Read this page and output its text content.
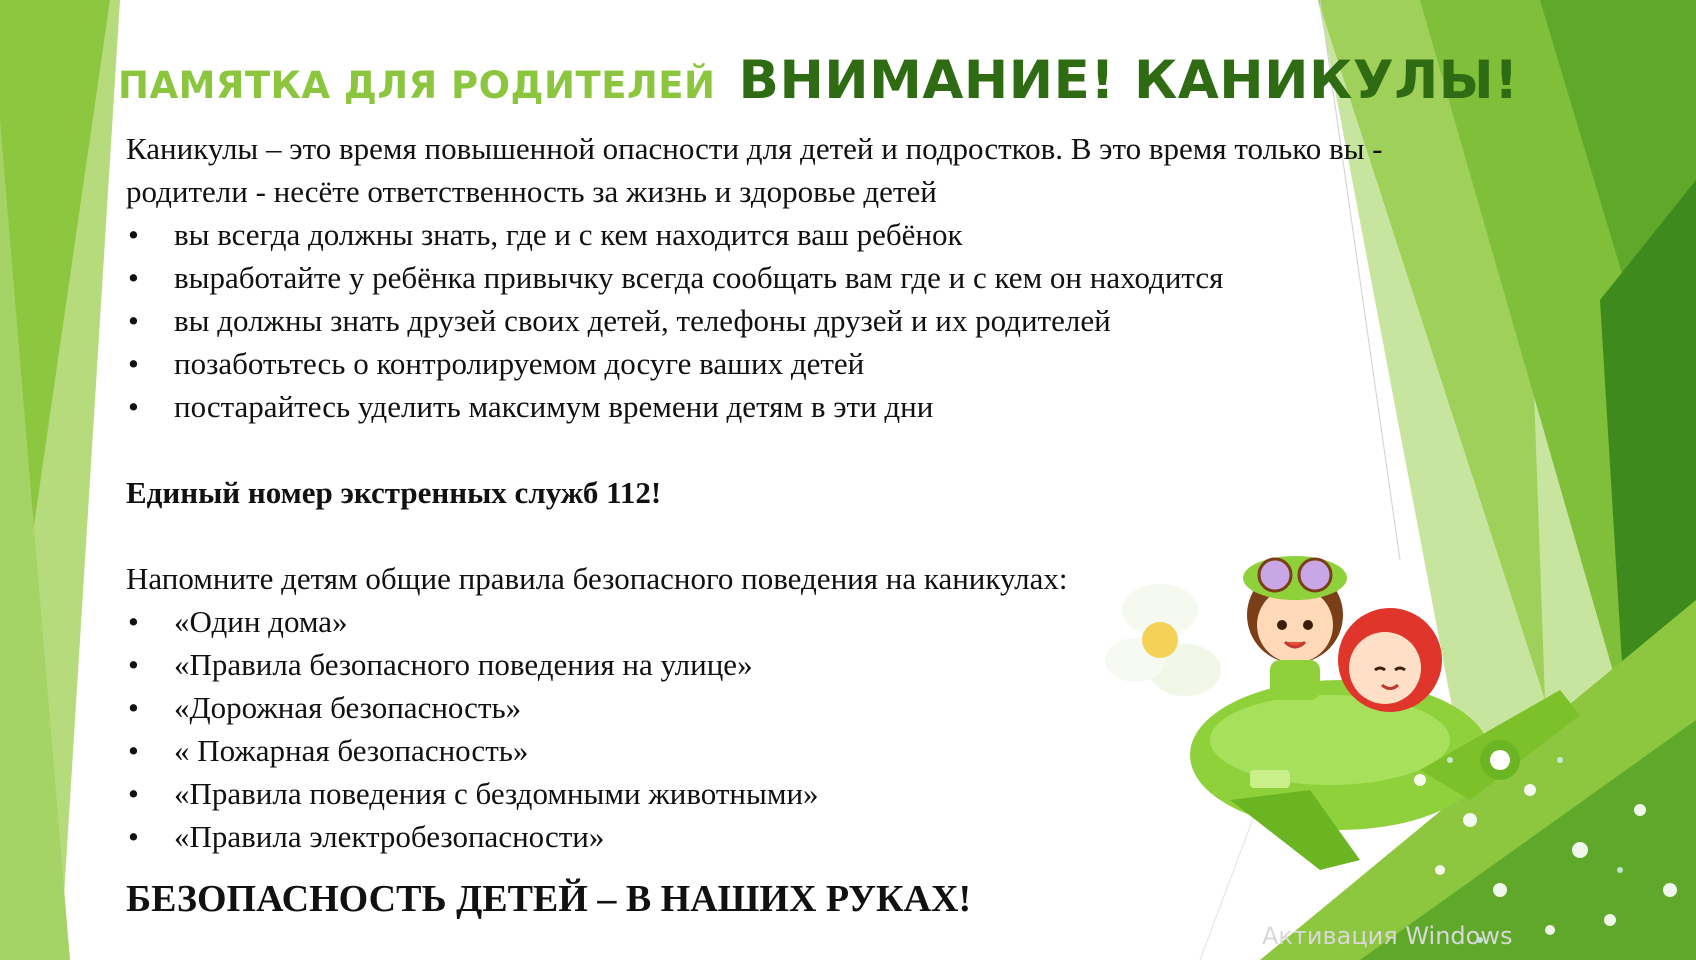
ПАМЯТКА ДЛЯ РОДИТЕЛЕЙ ВНИМАНИЕ! КАНИКУЛЫ!

Каникулы – это время повышенной опасности для детей и подростков. В это время только вы - родители - несёте ответственность за жизнь и здоровье детей

• вы всегда должны знать, где и с кем находится ваш ребёнок
• выработайте у ребёнка привычку всегда сообщать вам где и с кем он находится
• вы должны знать друзей своих детей, телефоны друзей и их родителей
• позаботьтесь о контролируемом досуге ваших детей
• постарайтесь уделить максимум времени детям в эти дни

Единый номер экстренных служб 112!

Напомните детям общие правила безопасного поведения на каникулах:

• «Один дома»
• «Правила безопасного поведения на улице»
• «Дорожная безопасность»
• « Пожарная безопасность»
• «Правила поведения с бездомными животными»
• «Правила электробезопасности»

БЕЗОПАСНОСТЬ ДЕТЕЙ – В НАШИХ РУКАХ!

Активация Windows
